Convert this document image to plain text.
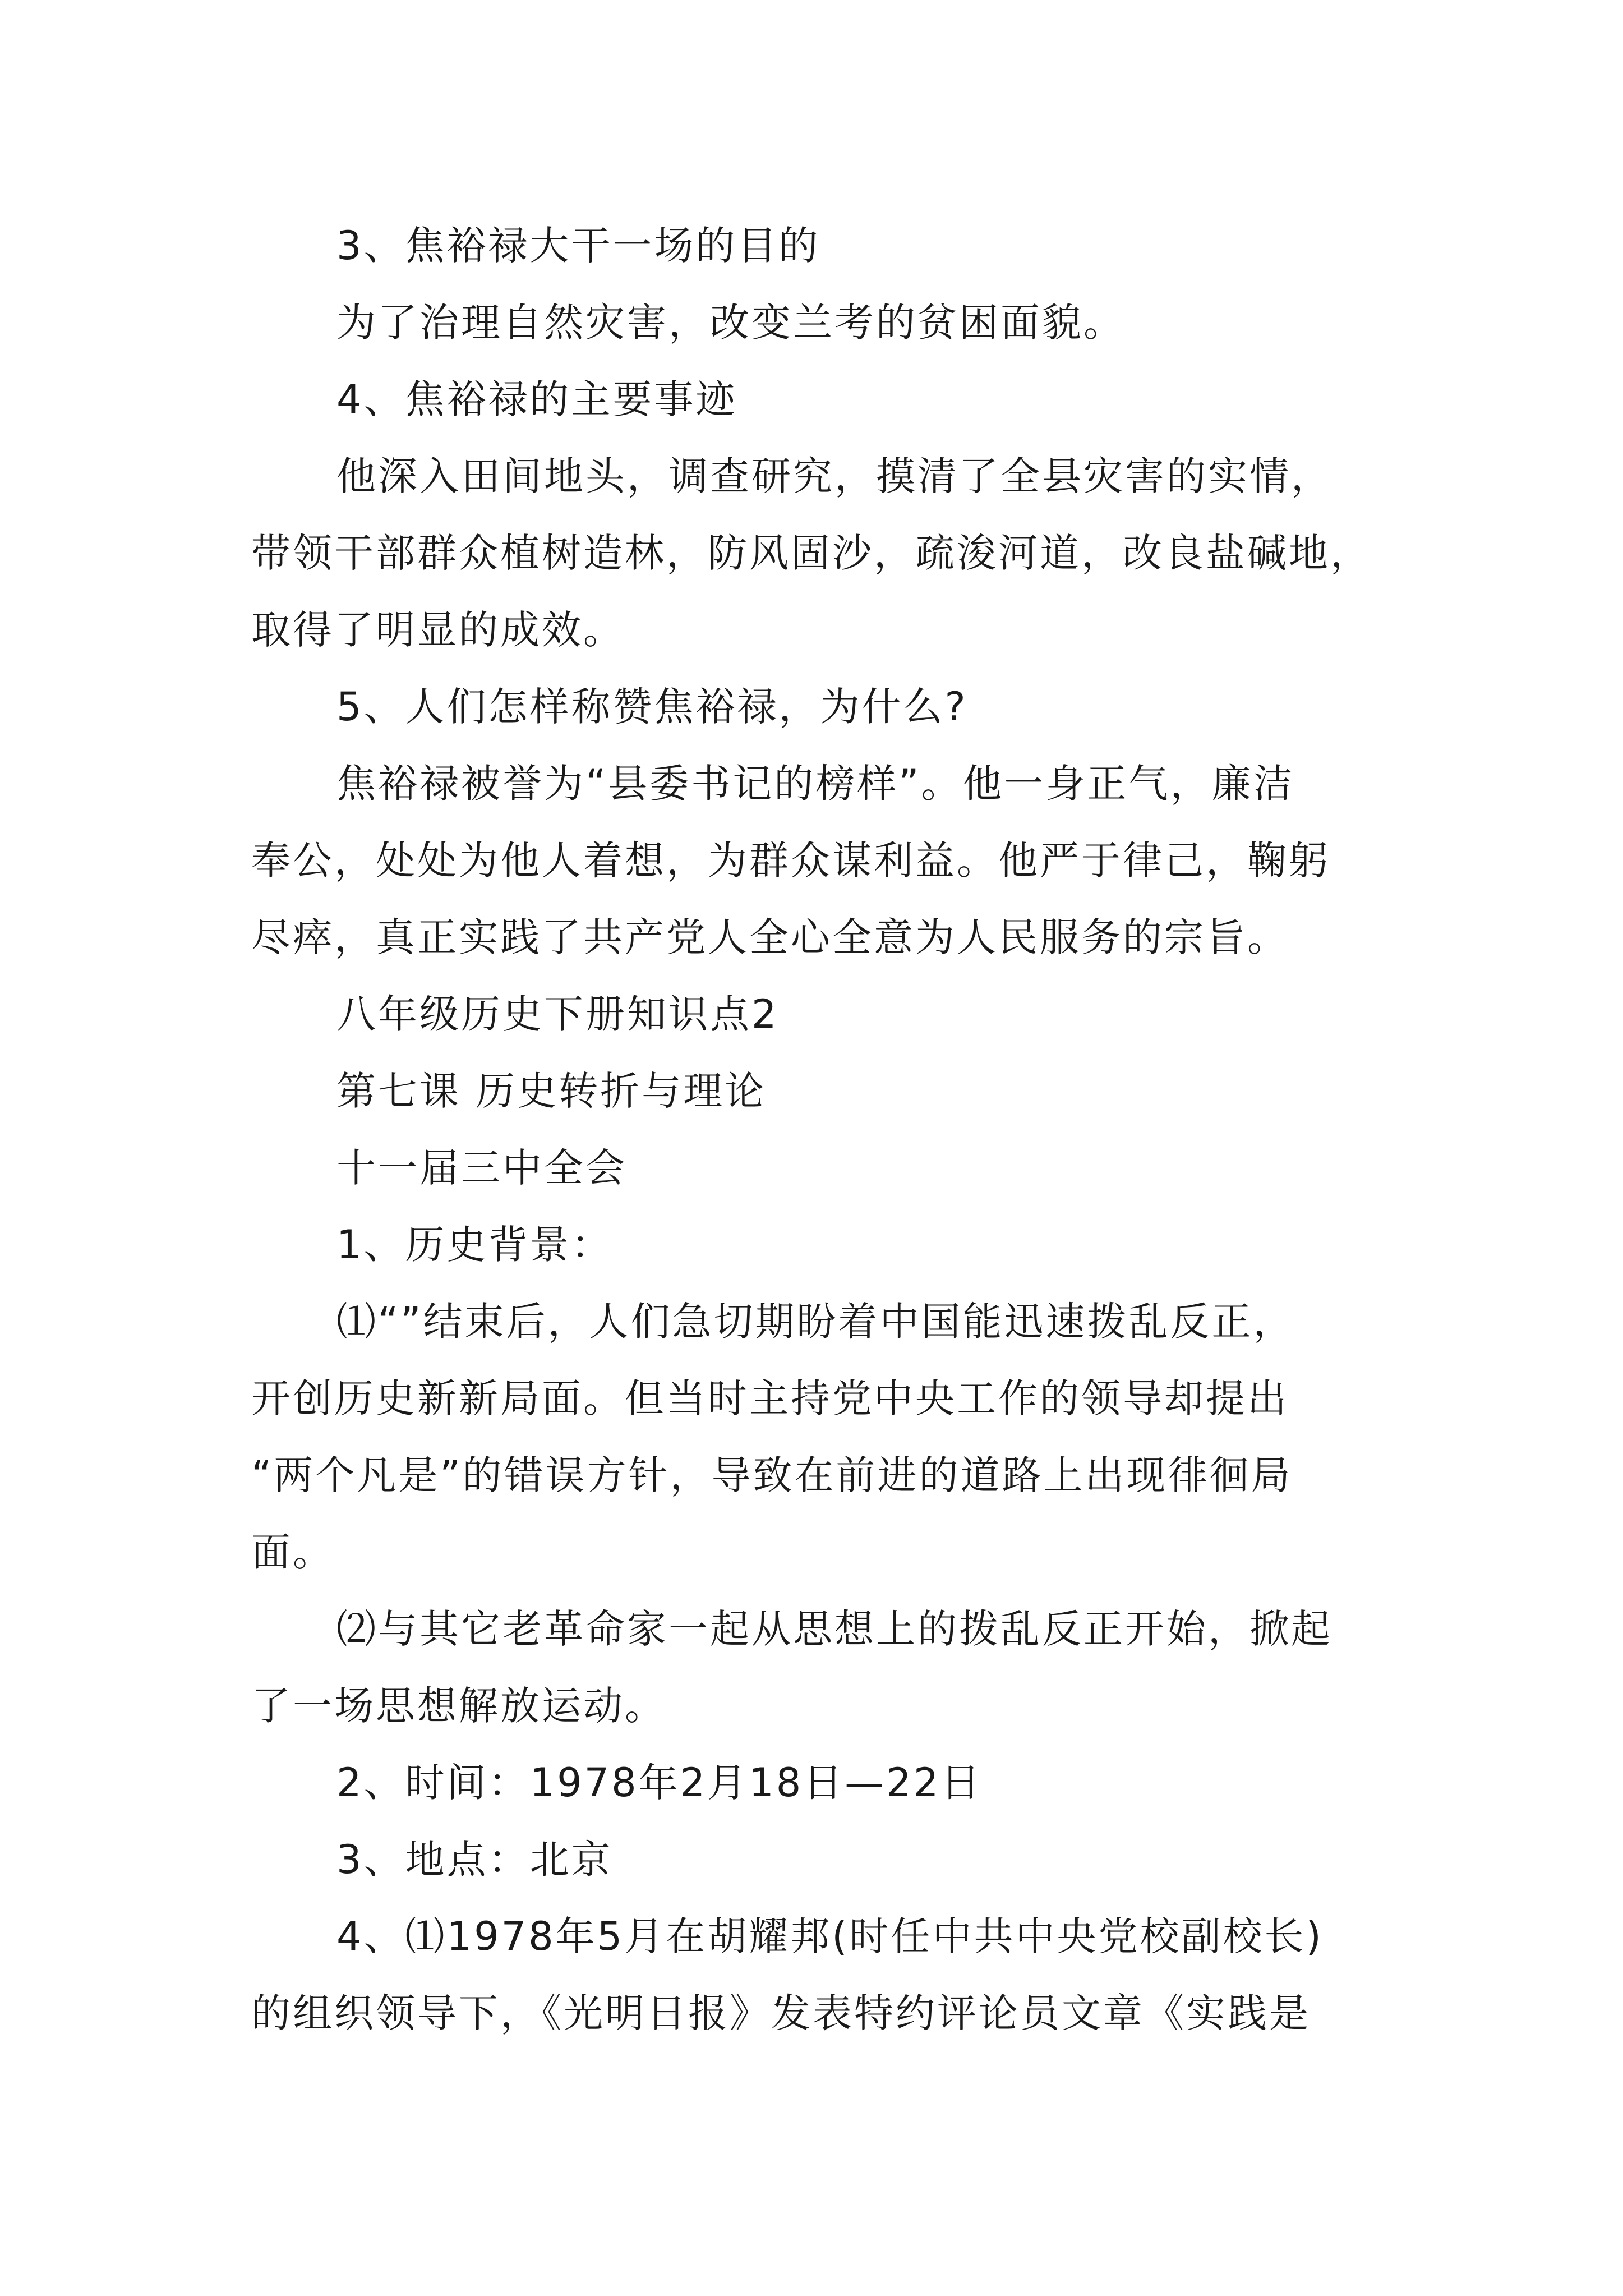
3、焦裕禄大干一场的目的
为了治理自然灾害，改变兰考的贫困面貌。
4、焦裕禄的主要事迹
他深入田间地头，调查研究，摸清了全县灾害的实情，
带领干部群众植树造林，防风固沙，疏浚河道，改良盐碱地，
取得了明显的成效。
5、人们怎样称赞焦裕禄，为什么?
焦裕禄被誉为“县委书记的榜样”。他一身正气，廉洁
奉公，处处为他人着想，为群众谋利益。他严于律己，鞠躬
尽瘁，真正实践了共产党人全心全意为人民服务的宗旨。
八年级历史下册知识点2
第七课 历史转折与理论
十一届三中全会
1、历史背景：
⑴“”结束后，人们急切期盼着中国能迅速拨乱反正，
开创历史新新局面。但当时主持党中央工作的领导却提出
“两个凡是”的错误方针，导致在前进的道路上出现徘徊局
面。
⑵与其它老革命家一起从思想上的拨乱反正开始，掀起
了一场思想解放运动。
2、时间：1978年2月18日—22日
3、地点：北京
4、⑴1978年5月在胡耀邦(时任中共中央党校副校长)
的组织领导下，《光明日报》发表特约评论员文章《实践是
